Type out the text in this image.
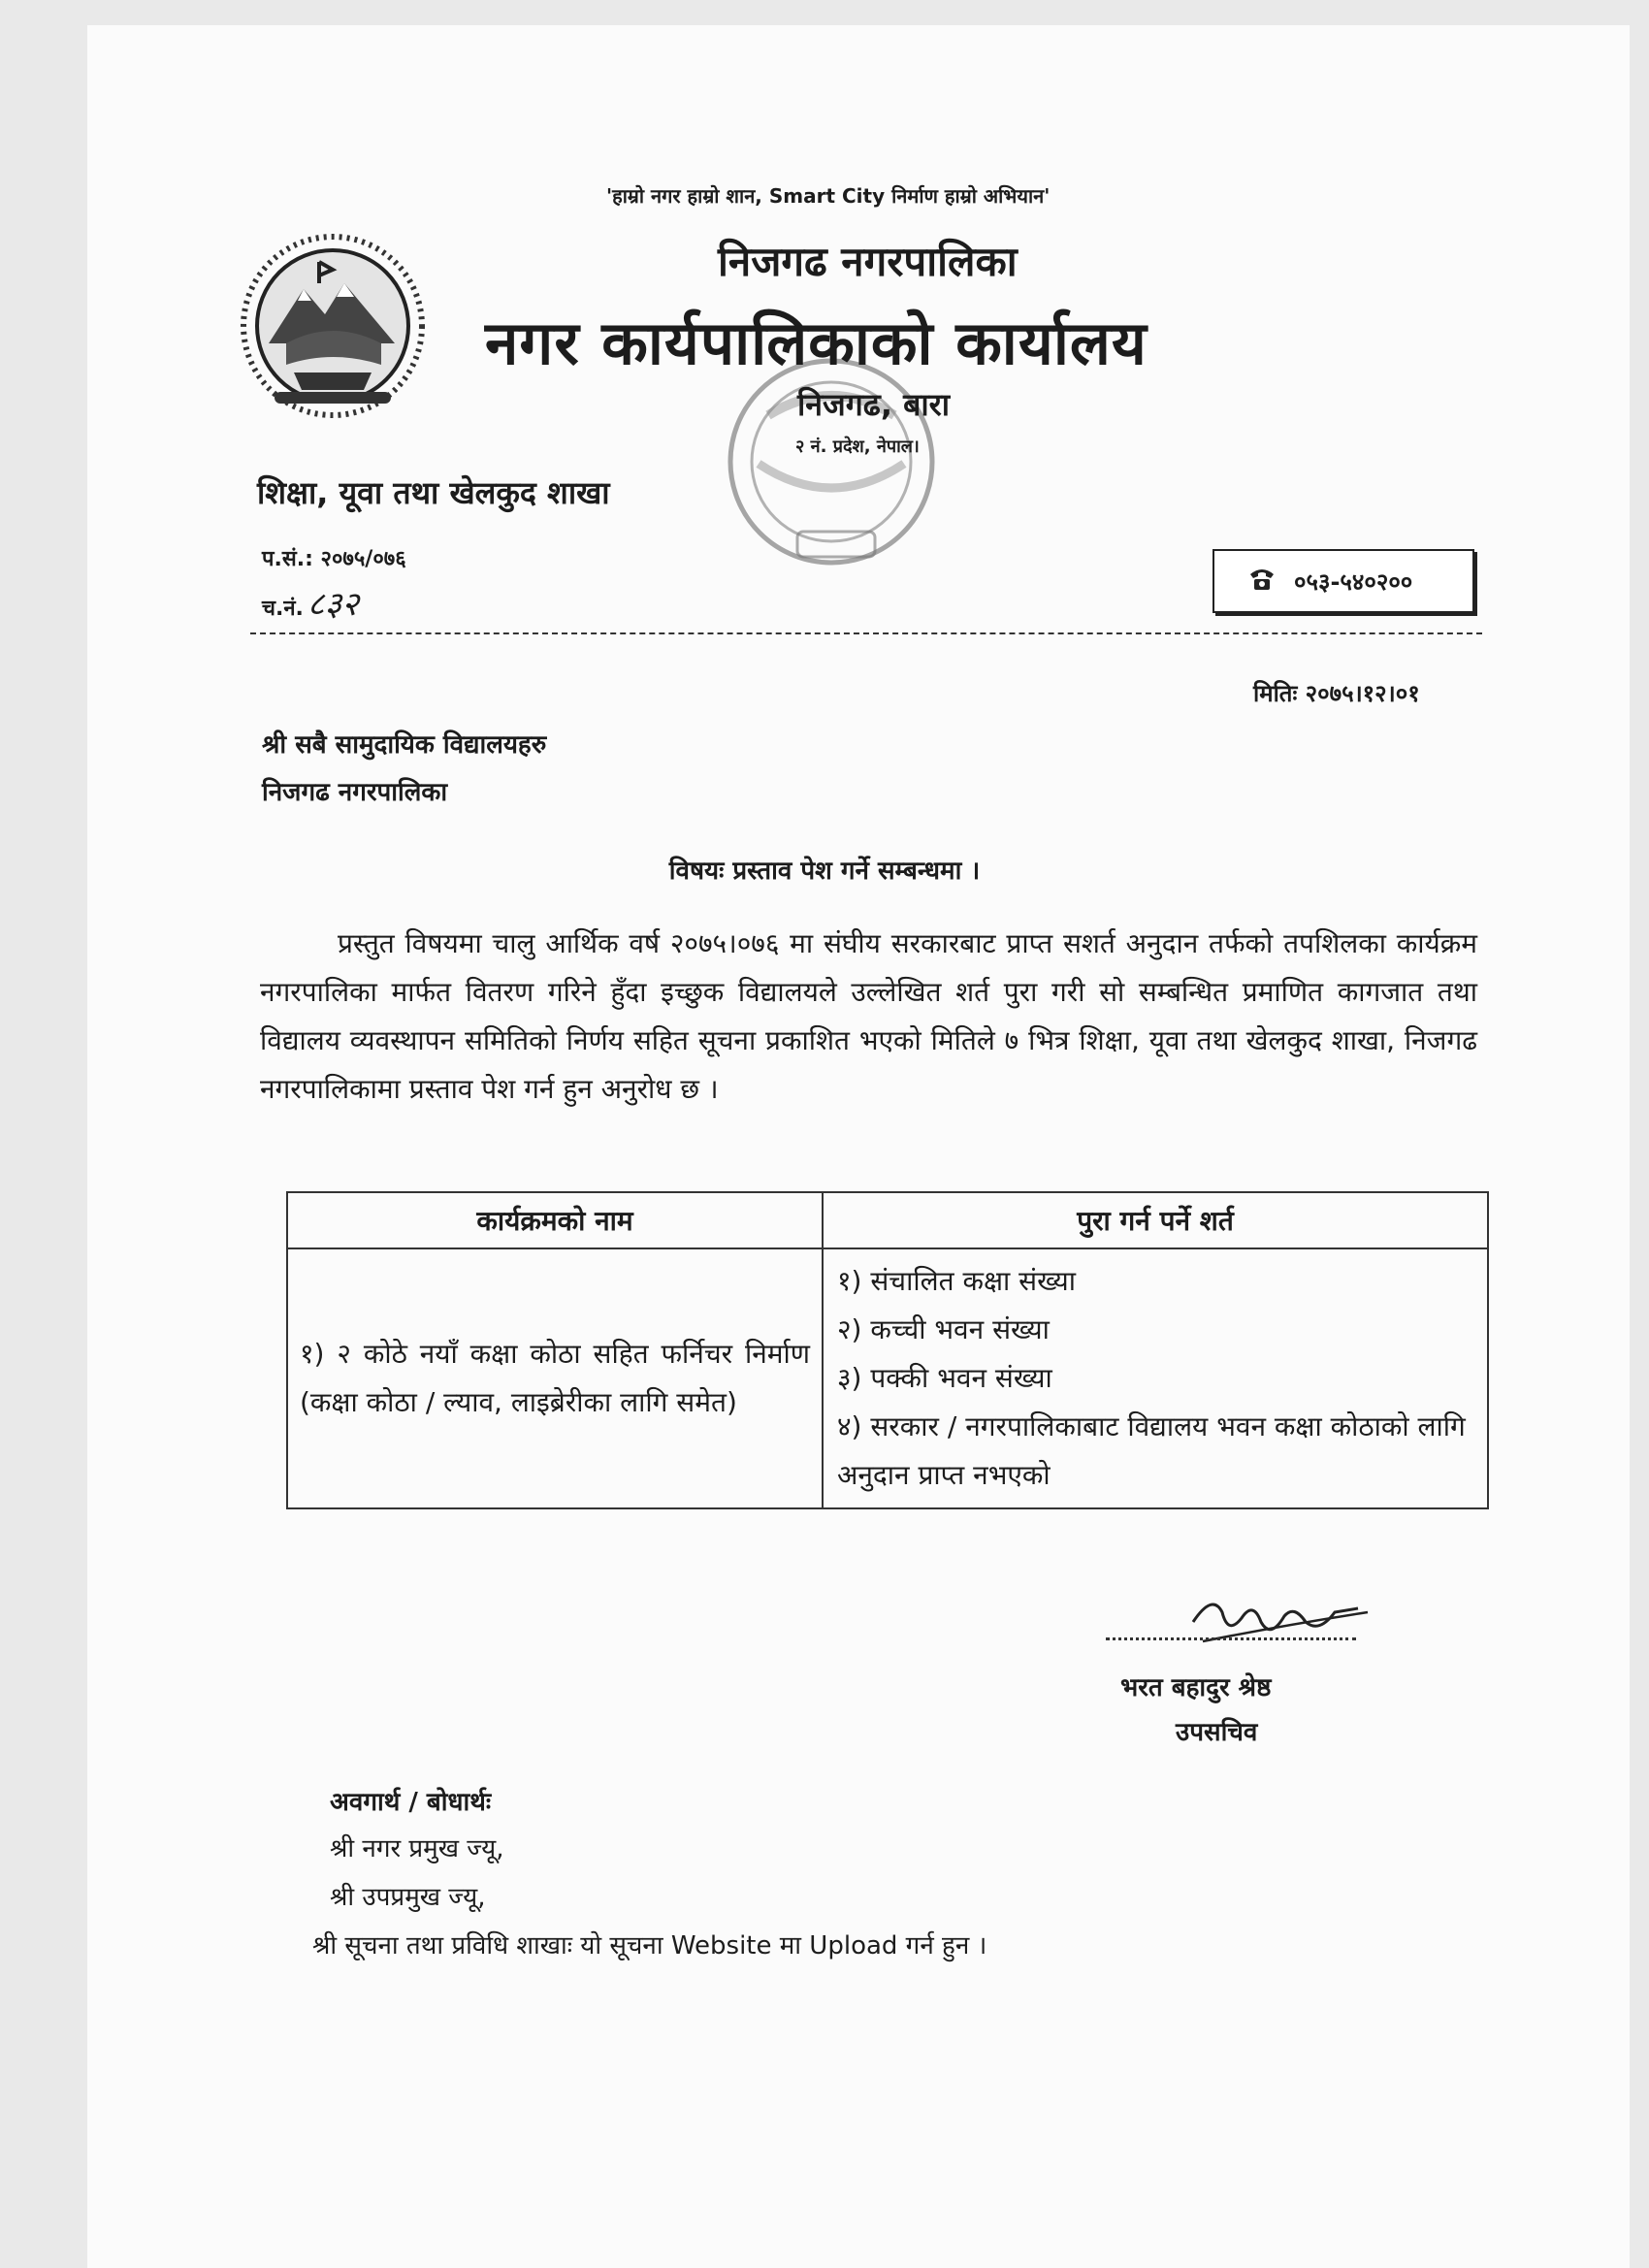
'हाम्रो नगर हाम्रो शान, Smart City निर्माण हाम्रो अभियान'
निजगढ नगरपालिका
नगर कार्यपालिकाको कार्यालय
निजगढ, बारा
२ नं. प्रदेश, नेपाल।
शिक्षा, यूवा तथा खेलकुद शाखा
प.सं.: २०७५/०७६
च.नं. ८३२
०५३-५४०२००
मितिः २०७५।१२।०१
श्री सबै सामुदायिक विद्यालयहरु
निजगढ नगरपालिका
विषयः प्रस्ताव पेश गर्ने सम्बन्धमा ।
प्रस्तुत विषयमा चालु आर्थिक वर्ष २०७५।०७६ मा संघीय सरकारबाट प्राप्त सशर्त अनुदान तर्फको तपशिलका कार्यक्रम नगरपालिका मार्फत वितरण गरिने हुँदा इच्छुक विद्यालयले उल्लेखित शर्त पुरा गरी सो सम्बन्धित प्रमाणित कागजात तथा विद्यालय व्यवस्थापन समितिको निर्णय सहित सूचना प्रकाशित भएको मितिले ७ भित्र शिक्षा, यूवा तथा खेलकुद शाखा, निजगढ नगरपालिकामा प्रस्ताव पेश गर्न हुन अनुरोध छ ।
कार्यक्रमको नाम	पुरा गर्न पर्ने शर्त
१) २ कोठे नयाँ कक्षा कोठा सहित फर्निचर निर्माण (कक्षा कोठा / ल्याव, लाइब्रेरीका लागि समेत)	१) संचालित कक्षा संख्या
२) कच्ची भवन संख्या
३) पक्की भवन संख्या
४) सरकार / नगरपालिकाबाट विद्यालय भवन कक्षा कोठाको लागि अनुदान प्राप्त नभएको
भरत बहादुर श्रेष्ठ
उपसचिव
अवगार्थ / बोधार्थः
श्री नगर प्रमुख ज्यू,
श्री उपप्रमुख ज्यू,
श्री सूचना तथा प्रविधि शाखाः यो सूचना Website मा Upload गर्न हुन ।
